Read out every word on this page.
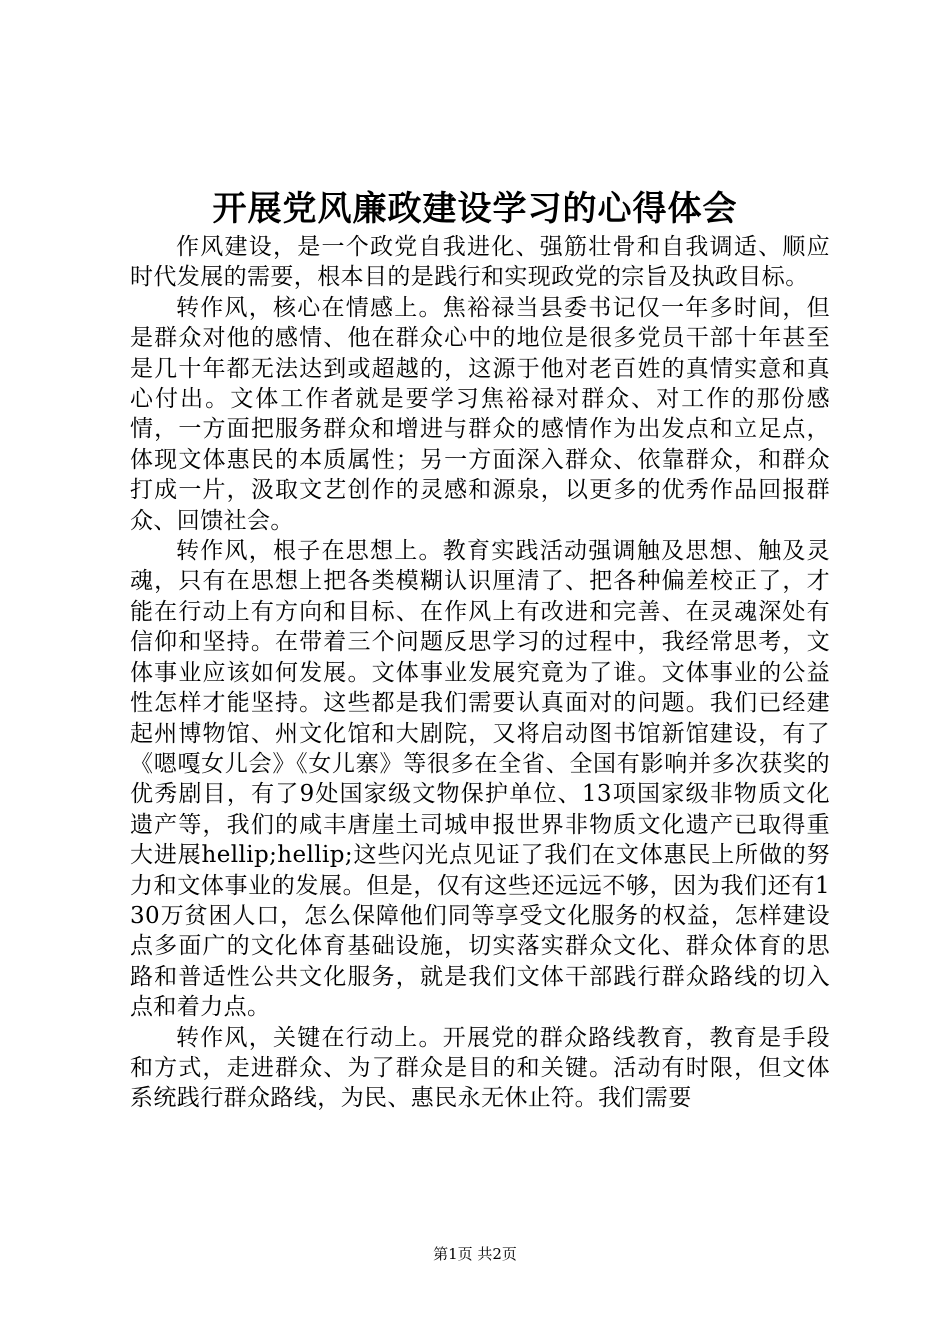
开展党风廉政建设学习的心得体会

作风建设，是一个政党自我进化、强筋壮骨和自我调适、顺应时代发展的需要，根本目的是践行和实现政党的宗旨及执政目标。

转作风，核心在情感上。焦裕禄当县委书记仅一年多时间，但是群众对他的感情、他在群众心中的地位是很多党员干部十年甚至是几十年都无法达到或超越的，这源于他对老百姓的真情实意和真心付出。文体工作者就是要学习焦裕禄对群众、对工作的那份感情，一方面把服务群众和增进与群众的感情作为出发点和立足点，体现文体惠民的本质属性；另一方面深入群众、依靠群众，和群众打成一片，汲取文艺创作的灵感和源泉，以更多的优秀作品回报群众、回馈社会。

转作风，根子在思想上。教育实践活动强调触及思想、触及灵魂，只有在思想上把各类模糊认识厘清了、把各种偏差校正了，才能在行动上有方向和目标、在作风上有改进和完善、在灵魂深处有信仰和坚持。在带着三个问题反思学习的过程中，我经常思考，文体事业应该如何发展。文体事业发展究竟为了谁。文体事业的公益性怎样才能坚持。这些都是我们需要认真面对的问题。我们已经建起州博物馆、州文化馆和大剧院，又将启动图书馆新馆建设，有了《嗯嘎女儿会》《女儿寨》等很多在全省、全国有影响并多次获奖的优秀剧目，有了9处国家级文物保护单位、13项国家级非物质文化遗产等，我们的咸丰唐崖土司城申报世界非物质文化遗产已取得重大进展hellip;hellip;这些闪光点见证了我们在文体惠民上所做的努力和文体事业的发展。但是，仅有这些还远远不够，因为我们还有130万贫困人口，怎么保障他们同等享受文化服务的权益，怎样建设点多面广的文化体育基础设施，切实落实群众文化、群众体育的思路和普适性公共文化服务，就是我们文体干部践行群众路线的切入点和着力点。

转作风，关键在行动上。开展党的群众路线教育，教育是手段和方式，走进群众、为了群众是目的和关键。活动有时限，但文体系统践行群众路线，为民、惠民永无休止符。我们需要

第1页 共2页
